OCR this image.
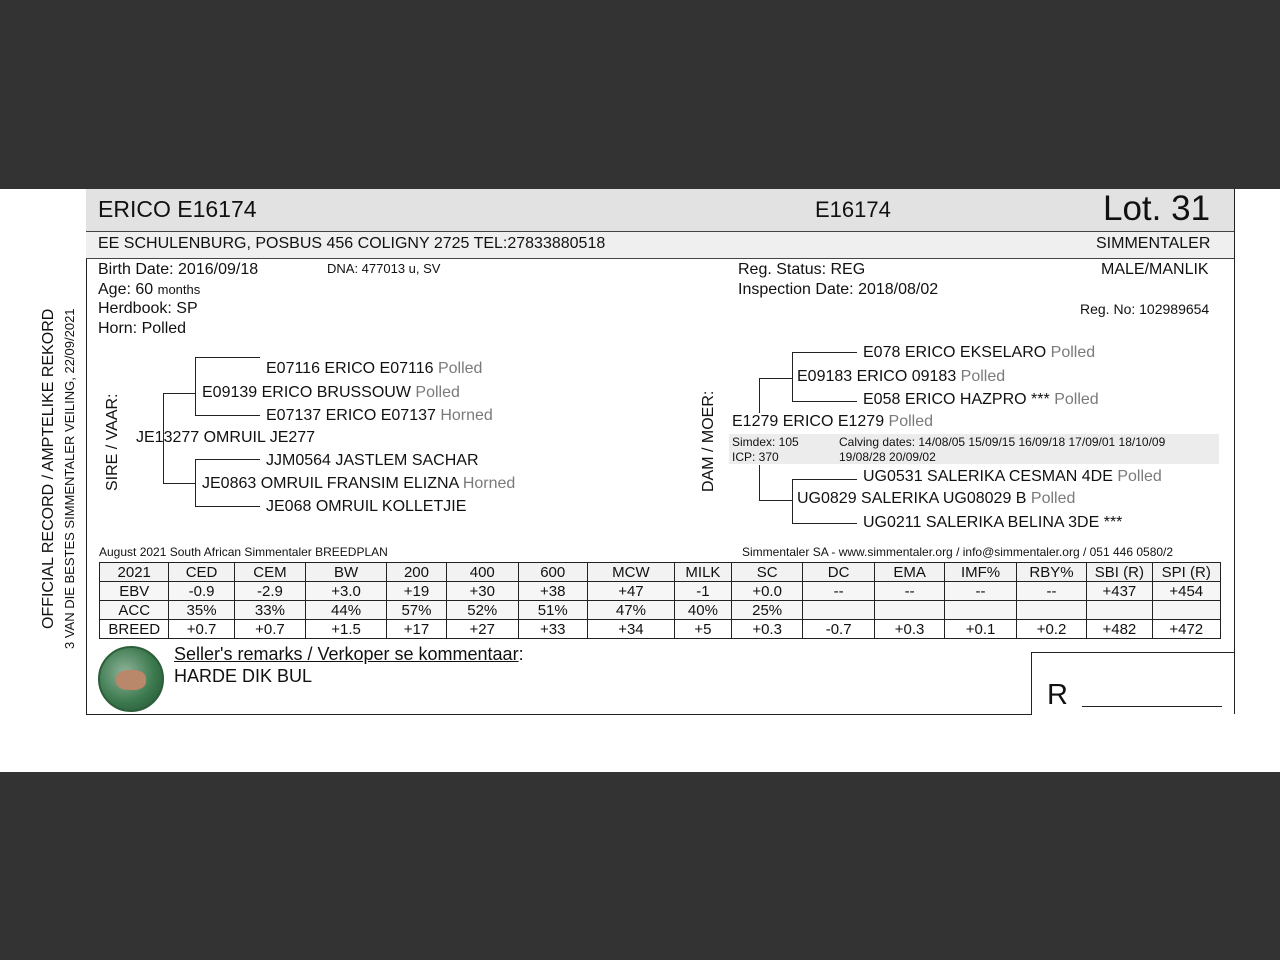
OFFICIAL RECORD / AMPTELIKE REKORD 3 VAN DIE BESTES SIMMENTALER VEILING, 22/09/2021
ERICO E16174	E16174	Lot. 31
EE SCHULENBURG, POSBUS 456 COLIGNY 2725 TEL:27833880518	SIMMENTALER
Birth Date: 2016/09/18	DNA: 477013 u, SV
Age: 60 months
Herdbook: SP
Horn: Polled
Reg. Status: REG
Inspection Date: 2018/08/02
MALE/MANLIK
Reg. No: 102989654
SIRE / VAAR:
E07116 ERICO E07116 Polled
E09139 ERICO BRUSSOUW Polled
E07137 ERICO E07137 Horned
JE13277 OMRUIL JE277
JJM0564 JASTLEM SACHAR
JE0863 OMRUIL FRANSIM ELIZNA Horned
JE068 OMRUIL KOLLETJIE
DAM / MOER:
E078 ERICO EKSELARO Polled
E09183 ERICO 09183 Polled
E058 ERICO HAZPRO *** Polled
E1279 ERICO E1279 Polled
Simdex: 105
ICP: 370
Calving dates: 14/08/05 15/09/15 16/09/18 17/09/01 18/10/09
19/08/28 20/09/02
UG0531 SALERIKA CESMAN 4DE Polled
UG0829 SALERIKA UG08029 B Polled
UG0211 SALERIKA BELINA 3DE ***
August 2021 South African Simmentaler BREEDPLAN	Simmentaler SA - www.simmentaler.org / info@simmentaler.org / 051 446 0580/2
2021	CED	CEM	BW	200	400	600	MCW	MILK	SC	DC	EMA	IMF%	RBY%	SBI (R)	SPI (R)
EBV	-0.9	-2.9	+3.0	+19	+30	+38	+47	-1	+0.0	--	--	--	--	+437	+454
ACC	35%	33%	44%	57%	52%	51%	47%	40%	25%						
BREED	+0.7	+0.7	+1.5	+17	+27	+33	+34	+5	+0.3	-0.7	+0.3	+0.1	+0.2	+482	+472
Seller's remarks / Verkoper se kommentaar:
HARDE DIK BUL
R
